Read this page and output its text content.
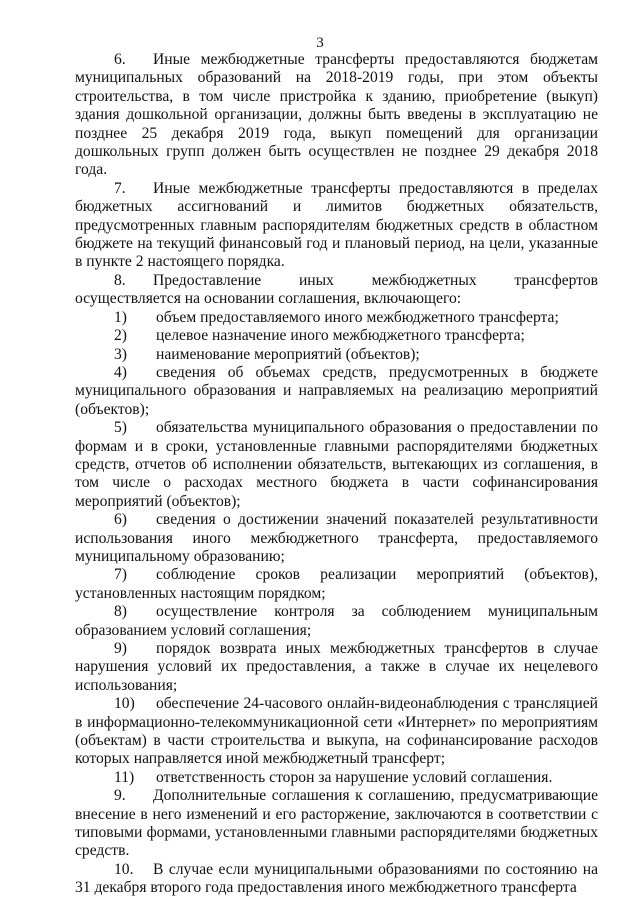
3

6. Иные межбюджетные трансферты предоставляются бюджетам муниципальных образований на 2018-2019 годы, при этом объекты строительства, в том числе пристройка к зданию, приобретение (выкуп) здания дошкольной организации, должны быть введены в эксплуатацию не позднее 25 декабря 2019 года, выкуп помещений для организации дошкольных групп должен быть осуществлен не позднее 29 декабря 2018 года.

7. Иные межбюджетные трансферты предоставляются в пределах бюджетных ассигнований и лимитов бюджетных обязательств, предусмотренных главным распорядителям бюджетных средств в областном бюджете на текущий финансовый год и плановый период, на цели, указанные в пункте 2 настоящего порядка.

8. Предоставление иных межбюджетных трансфертов осуществляется на основании соглашения, включающего:

1) объем предоставляемого иного межбюджетного трансферта;

2) целевое назначение иного межбюджетного трансферта;

3) наименование мероприятий (объектов);

4) сведения об объемах средств, предусмотренных в бюджете муниципального образования и направляемых на реализацию мероприятий (объектов);

5) обязательства муниципального образования о предоставлении по формам и в сроки, установленные главными распорядителями бюджетных средств, отчетов об исполнении обязательств, вытекающих из соглашения, в том числе о расходах местного бюджета в части софинансирования мероприятий (объектов);

6) сведения о достижении значений показателей результативности использования иного межбюджетного трансферта, предоставляемого муниципальному образованию;

7) соблюдение сроков реализации мероприятий (объектов), установленных настоящим порядком;

8) осуществление контроля за соблюдением муниципальным образованием условий соглашения;

9) порядок возврата иных межбюджетных трансфертов в случае нарушения условий их предоставления, а также в случае их нецелевого использования;

10) обеспечение 24-часового онлайн-видеонаблюдения с трансляцией в информационно-телекоммуникационной сети «Интернет» по мероприятиям (объектам) в части строительства и выкупа, на софинансирование расходов которых направляется иной межбюджетный трансферт;

11) ответственность сторон за нарушение условий соглашения.

9. Дополнительные соглашения к соглашению, предусматривающие внесение в него изменений и его расторжение, заключаются в соответствии с типовыми формами, установленными главными распорядителями бюджетных средств.

10. В случае если муниципальными образованиями по состоянию на 31 декабря второго года предоставления иного межбюджетного трансферта
